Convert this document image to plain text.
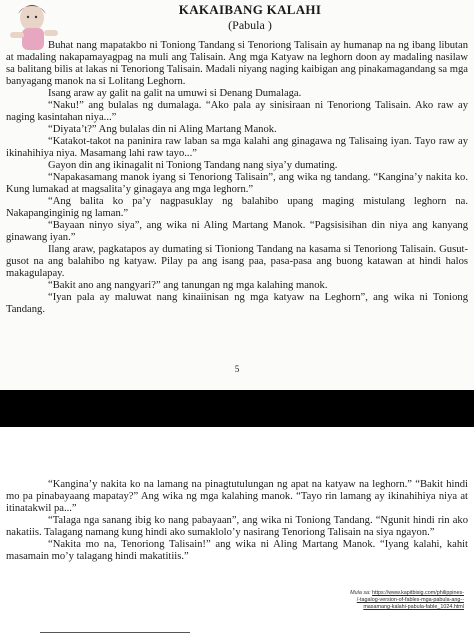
KAKAIBANG KALAHI
(Pabula )

Buhat nang mapatakbo ni Toniong Tandang si Tenoriong Talisain ay humanap na ng ibang libutan at madaling nakapamayagpag na muli ang Talisain. Ang mga Katyaw na leghorn doon ay madaling nasilaw sa balitang bilis at lakas ni Tenoriong Talisain. Madali niyang naging kaibigan ang pinakamagandang sa mga banyagang manok na si Lolitang Leghorn.

Isang araw ay galit na galit na umuwi si Denang Dumalaga.

“Naku!” ang bulalas ng dumalaga. “Ako pala ay sinisiraan ni Tenoriong Talisain. Ako raw ay naging kasintahan niya...”

“Diyata’t?” Ang bulalas din ni Aling Martang Manok.

“Katakot-takot na paninira raw laban sa mga kalahi ang ginagawa ng Talisaing iyan. Tayo raw ay ikinahihiya niya. Masamang lahi raw tayo...”

Gayon din ang ikinagalit ni Toniong Tandang nang siya’y dumating.

“Napakasamang manok iyang si Tenoriong Talisain”, ang wika ng tandang. “Kangina’y nakita ko. Kung lumakad at magsalita’y ginagaya ang mga leghorn.”

“Ang balita ko pa’y nagpasuklay ng balahibo upang maging mistulang leghorn na. Nakapanginginig ng laman.”

“Bayaan ninyo siya”, ang wika ni Aling Martang Manok. “Pagsisisihan din niya ang kanyang ginawang iyan.”

Ilang araw, pagkatapos ay dumating si Tioniong Tandang na kasama si Tenoriong Talisain. Gusut-gusot na ang balahibo ng katyaw. Pilay pa ang isang paa, pasa-pasa ang buong katawan at hindi halos makagulapay.

“Bakit ano ang nangyari?” ang tanungan ng mga kalahing manok.

“Iyan pala ay maluwat nang kinaiinisan ng mga katyaw na Leghorn”, ang wika ni Toniong Tandang.

5

“Kangina’y nakita ko na lamang na pinagtutulungan ng apat na katyaw na leghorn.” “Bakit hindi mo pa pinabayaang mapatay?” Ang wika ng mga kalahing manok. “Tayo rin lamang ay ikinahihiya niya at itinatakwil pa...”

“Talaga nga sanang ibig ko nang pabayaan”, ang wika ni Toniong Tandang. “Ngunit hindi rin ako nakatiis. Talagang namang kung hindi ako sumaklolo’y nasirang Tenoriong Talisain na siya ngayon.”

“Nakita mo na, Tenoriong Talisain!” ang wika ni Aling Martang Manok. “Iyang kalahi, kahit masamain mo’y talagang hindi makatitiis.”

Mula sa: https://www.kapitbisig.com/philippines-
/-tagalog-version-of-fables-mga-pabula-ang--
masamang-kalahi-pabula-fable_1024.html
